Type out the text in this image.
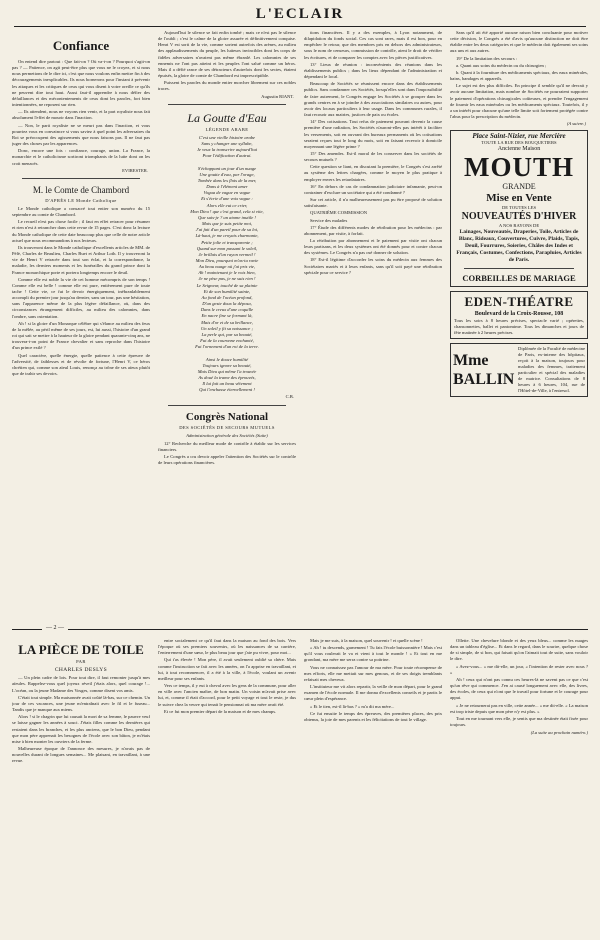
L'ECLAIR
Confiance

On entend dire partout : Que fait-on ? Où va-t-on ? Pourquoi s'agit-on pas ? — Patience, on agit peut-être plus que vous ne le croyez, et si nous nous permettons de le dire ici, c'est que nous voulons enfin mettre fin à des découragements inexplicables. Ils nous bornerons pour l'instant à prévenir les attaques et les critiques de ceux qui vous disent à votre oreille ce qu'ils ne peuvent dire tout haut. Aussi faut-il apprendre à nous défier des défaillances et des mécontentements de ceux dont les paroles, fort bien intentionnées, ne reposent sur rien.

— Ils attendent, nous ne voyons rien venir, et la part royaliste nous fait absolument l'effet de mourir dans l'inaction.

— Non, le parti royaliste ne se meurt pas dans l'inaction, et vous pourriez vous en convaincre si vous saviez à quel point les adversaires du Roi se préoccupent des agissements que nous faisons pas. Il ne faut pas juger des choses par les apparences.

Donc, encore une fois : confiance, courage, union. La France, la monarchie et le catholicisme sortiront triomphants de la lutte dont on les croit menacés.

EVIRESTER.
M. le Comte de Chambord
D'APRÈS LE Monde Catholique

Le Monde catholique a consacré tout entier son numéro du 15 septembre au comte de Chambord.

Le recueil n'est pas chose facile ; il faut en effet retracer pour résumer et rien n'est à retrancher dans cette revue de 15 pages. C'est donc la lecture du Monde catholique de cette date beaucoup plus que celle de notre article actuel que nous recommandons à nos lecteurs.

Ils trouveront dans le Monde catholique d'excellents articles de MM. de Pèlè, Charles de Beaulieu, Charles Buet et Arthur Loth. Il y trouveront la vie de Henri V retracée dans tout son éclat, et la correspondance, la maladie, les derniers moments et les funérailles du grand prince dont la France monarchique porte et portera longtemps encore le deuil.

Comme elle est noble la vie de cet homme mécompris de son temps ! Comme elle est belle ! comme elle est pure, entièrement pure de toute tache ! Cette vie, ce fut le devoir énergiquement, inébranlablement accompli du premier jour jusqu'au dernier, sans un tour, pas une hésitation, sans l'apparence même de la plus légère défaillance, où, dans des circonstances étrangement difficiles, au milieu des calomnies, dans l'ombre, sans ostentation.

Ah ! si la gloire d'un Monarque célèbre qui s'élance au milieu des feux de la mêlée, au péril même de ses jours, est, lui aussi, l'histoire d'un grand roi qui sait se mettre à la hauteur de la gloire pendant quarante-cinq ans, ne trouvera-t-on point de France chevalier et sans reproche dans l'histoire d'un prince exilé ?

Quel caractère, quelle énergie, quelle patience à cette épreuve de l'adversité, de faiblesses et de révolte de fortune, l'Henri V, ce héros chrétien qui, comme son aïeul Louis, renonça au trône de ses aïeux plutôt que de trahir ses devoirs.

Aujourd'hui le silence se fait enfin tombé ; mais ce n'est pas le silence de l'oubli ; c'est le calme de la gloire assurée et définitivement conquise. Henri V est sorti de la vie, comme sortent autrefois des arènes, au milieu des applaudissements du peuple, les lutteurs invincibles dont les corps de fidèles adversaires n'avaient pas même ébranlé. Les calomnies de ses ennemis ne l'ont pas atteint et les peuples l'ont salué comme un héros. Mais il a défié rance de ses détracteurs d'autrefois dont les sectes, étaient épuisés, la gloire de comte de Chambord est imprescriptible.

Puissent les paroles du monde entier morcher librement sur ces nobles traces.

Augustin RIANT.
La Goutte d'Eau
LÉGENDE ARABE
C'est une vieille histoire arabe
Sans y changer une syllabe,
Je veux la transcrire aujourd'hui
Pour l'édification d'autrui.

S'échappant un jour d'un nuage
Une goutte d'eau, par l'orage,
Tombée dans les flots de la mer,
Dans à l'élément amer
Vogua de vague en vague
Et s'écrie d'une voix vague :
Alors elle eut ce crier,
Mon Dieu ! que c'est grand, cela si vite,
Que suis-je ? un atome inutile !
Mais que je suis petite moi,
J'ai fait d'un pareil pour de sa loi,
Là-haut, je me croyais charmante,
Petite jolie et transparente ;
Quand sur mon passant le soleil,
Je brillais d'un rayon vermeil !
Mon Dieu, pourquoi m'as-tu ravie
Au beau nuage où j'ai pris vie,
Ah ! maintenant je le vois bien,
Je ne pèse pas, je ne suis rien !
Le Seigneur, touché de sa plainte
Et de son humilité sainte,
Au fond de l'océan profond,
D'un geste doux la déposa,
Dans le creux d'une coquille
En nacre fine se formant là,
Mais d'or et de sa brillance,
Un soleil y fit sa naissance ;
La perle qui, par sa beauté,
Fut de la couronne enchanté,
Fut l'ornement d'un roi de la terre.

Ainsi le douce humilité
Toujours ignore sa beauté,
Mais Dieu qui même l'a trouvée
As doué la trame des éprouvés,
Il lui fait un beau vêtement
Qui l'enchasse éternellement !
C.B.
Congrès National
DES SOCIÉTÉS DE SECOURS MUTUELS
Administration générale des Sociétés (Suite)

12° Recherche du meilleur mode de contrôle à établir sur les services financiers.

Le Congrès a cru devoir appeler l'attention des Sociétés sur le contrôle de leurs opérations financières.

tions financières. Il y a des exemples, à Lyon notamment, de dilapidation du fonds social. Ces cas sont rares, mais il est bon, pour en empêcher le retour, que des membres pris en dehors des administrateurs, sous le nom de censeurs, commission de contrôle, aient le droit de vérifier les écritures, et de comparer les comptes avec les pièces justificatives.

13° Lieux de réunion : inconvénients des réunions dans les établissements publics ; dans les lieux dépendant de l'administration et dépendant le local.

Beaucoup de Sociétés se réunissent encore dans des établissements publics. Sans condamner ces Sociétés, lorsqu'elles sont dans l'impossibilité de faire autrement, le Congrès engage les Sociétés à se grouper dans les grands centres en à se joindre à des associations similaires ou autres, pour avoir des locaux particuliers à leur usage. Dans les communes rurales, il faut recourir aux mairies, justices de paix ou écoles.

14° Des cotisations. Tout refus de paiement pouvant devenir la cause première d'une radiation, les Sociétés n'auront-elles pas intérêt à faciliter les versements, soit en ouvrant des bureaux permanents où les cotisations seraient reçues tout le long du mois, soit en faisant recevoir à domicile moyennant une légère prime ?

15° Des amendes. Est-il moral de les conserver dans les sociétés de secours mutuels ?

Cette question se liant, en discutant la première, le Congrès s'est arrêté au système des lettres chargées, comme le moyen le plus pratique à employer envers les retardataires.

16° En dehors de cas de condamnation judiciaire infamante, peut-on contrainer d'exclure un sociétaire qui a été condamné ?

Sur cet article, il n'a malheureusement pas pu être proposé de solution satisfaisante.

QUATRIÈME COMMISSION

Service des malades

17° Étude des différents modes de rétribution pour les médecins : par abonnement, par visite, à forfait.

La rétribution par abonnement et le paiement par visite ont chacun leurs partisans, et les deux systèmes ont été donnés pour et contre chacun des systèmes. Le Congrès n'a pas osé donner de solution.

18° Est-il légitime d'accorder les soins du médecin aux femmes des Sociétaires mariés et à leurs enfants, sans qu'il soit payé une rétribution spéciale pour ce service ?

Sans qu'il ait été apporté aucune raison bien concluante pour motiver cette décision, le Congrès a été d'avis qu'aucune distinction ne doit être établie entre les deux catégories et que le médecin doit également ses soins aux uns et aux autres.

19° De la limitation des secours :

a. Quant aux soins du médecin ou du chirurgien ;

b. Quant à la fourniture des médicaments spéciaux, des eaux minérales, bains, bandages et appareils.

Le sujet est des plus difficiles. En principe il semble qu'il ne devrait y avoir aucune limitation, mais nombre de Sociétés ne pourraient supporter le paiement d'opérations chirurgicales coûteuses, et prendre l'engagement de fournir les eaux minérales ou les médicaments spéciaux. Toutefois, il y a un intérêt pour chacune qu'une telle limite soit fortement protégée contre l'abus pour la prescription du médecin.

(A suivre.)
Place Saint-Nizier, rue Mercière
TOUTE LA RUE DES BOUQUETIERS
Ancienne Maison
MOUTH
GRANDE
Mise en Vente
DE TOUTES LES
NOUVEAUTÉS D'HIVER
A NOS RAYONS DE
Lainages, Nouveautés, Draperies, Toile, Articles de Blanc, Rideaux, Couvertures, Cuivre, Plaids, Tapis, Deuil, Fourrures, Soieries, Châles des Indes et Français, Costumes, Confections, Parapluies, Articles de Paris.
CORBEILLES DE MARIAGE
EDEN-THÉATRE
Boulevard de la Croix-Rousse, 108
Tous les soirs à 8 heures précises, spectacle varié ; opérettes, chansonnettes, ballet et pantomime. Tous les dimanches et jours de fête matinée à 2 heures précises.
Mme BALLIN
Diplômée de la Faculté de médecine de Paris, ex-interne des hôpitaux, reçoit à la maison, toujours pour maladies des femmes, traitement particulier et spécial des maladies de matrice. Consultations de 8 heures à 6 heures, 104, rue de l'Hôtel-de-Ville, à l'entresol.
— 2 —
LA PIÈCE DE TOILE
PAR
CHARLES DESLYS

— Un plein cadre de lois. Pour tout dire, il faut remonter jusqu'à mes aïeules. Rappelez-vous quel joyeux réveil j'étais alors, quel courage !... L'océan, ou la jeune Madame des Vosges, comme disent vos amis.

C'était tout simple. Ma maisonnée avait coûté là-bas, sur ce chemin. Un jour de ces vacances, une jeune m'entraînait avec le fil et le fuseau... Tandis que je manque aux miens.

Alors ! si le chagrin que lui causait la mort de sa femme, le pauvre veuf se laisse gagner les années à souci. J'étais filles comme les dernières qui restaient dans les branches, et les plus anciens, que le bon Dieu, pendant que mon père apprenait les besognes de l'école avec son bâton, je m'étais mise à bien monter les ouvriers de la ferme.

Malheureuse époque de l'annonce des mesures, je n'avais pas de nouvelles durant de longues semaines... Me plaisant, en travaillant, à une revue.

entre socialement ce qu'il faut dans la maison au fond des bois. Vers l'époque où ses premiers souvenirs, où les naissances de sa carrière, l'enterrement d'une sœur, le plus beau jour que j'aie pu vivre, pour moi...

Qui t'as élevée ! Mon père, il avait seulement oublié sa chère. Mais comme l'instruction se fait avec les années, on l'a apprise en travaillant, et lui, à tout recommencer, il a été à la ville, à l'école, voulant un avenir meilleur pour ses enfants.

Vers ce temps, il y eut à cheval avec les gens de la commune, pour aller en ville avec l'ancien maître, de bon matin. Un voisin m'avait prise avec lui, et, comme il était d'accord, pour le petit voyage et tout le reste, je dus le suivre chez la veuve qui tenait le pensionnat où ma mère avait été.

Et ce fut mon premier départ de la maison et de mes champs.

Mais je me suis, à la maison, quel souvenir ! et quelle scène !

« Ah ! tu descends, garnement ! Tu fais l'école buissonnière ! Mais c'est qu'il vous roulerait le va et vient à tout le monde ! » Et tout en me grondant, ma mère me serra contre sa poitrine.

Vous ne connaissez pas l'amour de ma mère. Pour toute récompense de mes efforts, elle me mettait sur mes genoux, et de ses doigts tremblants refaisait mes cheveux.

L'instituteur me vit alors repartir, la veille de mon départ, pour le grand examen de l'école normale. Il me donna d'excellents conseils et je partis le cœur plein d'espérance.

« Et le tien, est-il là-bas ? » m'a dit ma mère...

Ce fut ensuite le temps des épreuves, des premières places, des prix obtenus, la joie de mes parents et les félicitations de tout le village.

Ollette. Une chevelure blonde et des yeux bleus... comme les nuages dans un tableau d'église... Et dans le regard, dans le sourire, quelque chose de si simple, de si bon, qui faisait qu'on l'aimait tout de suite, sans vouloir le dire.

« Avez-vous... » me dit-elle, un jour, « l'intention de rester avec nous ? »

Ah ! ceux qui n'ont pas connu ces heures-là ne savent pas ce que c'est qu'un rêve qui commence. J'en ai causé longuement avec elle, des livres, des écoles, de ceux qui n'ont que le travail pour fortune et le courage pour appui.

« Je ne retournerai pas en ville, cette année... » me dit-elle. « La maison est trop triste depuis que mon père n'y est plus. »

Tout en me tournant vers elle, je sentis que ma destinée était fixée pour toujours.

(La suite au prochain numéro.)
